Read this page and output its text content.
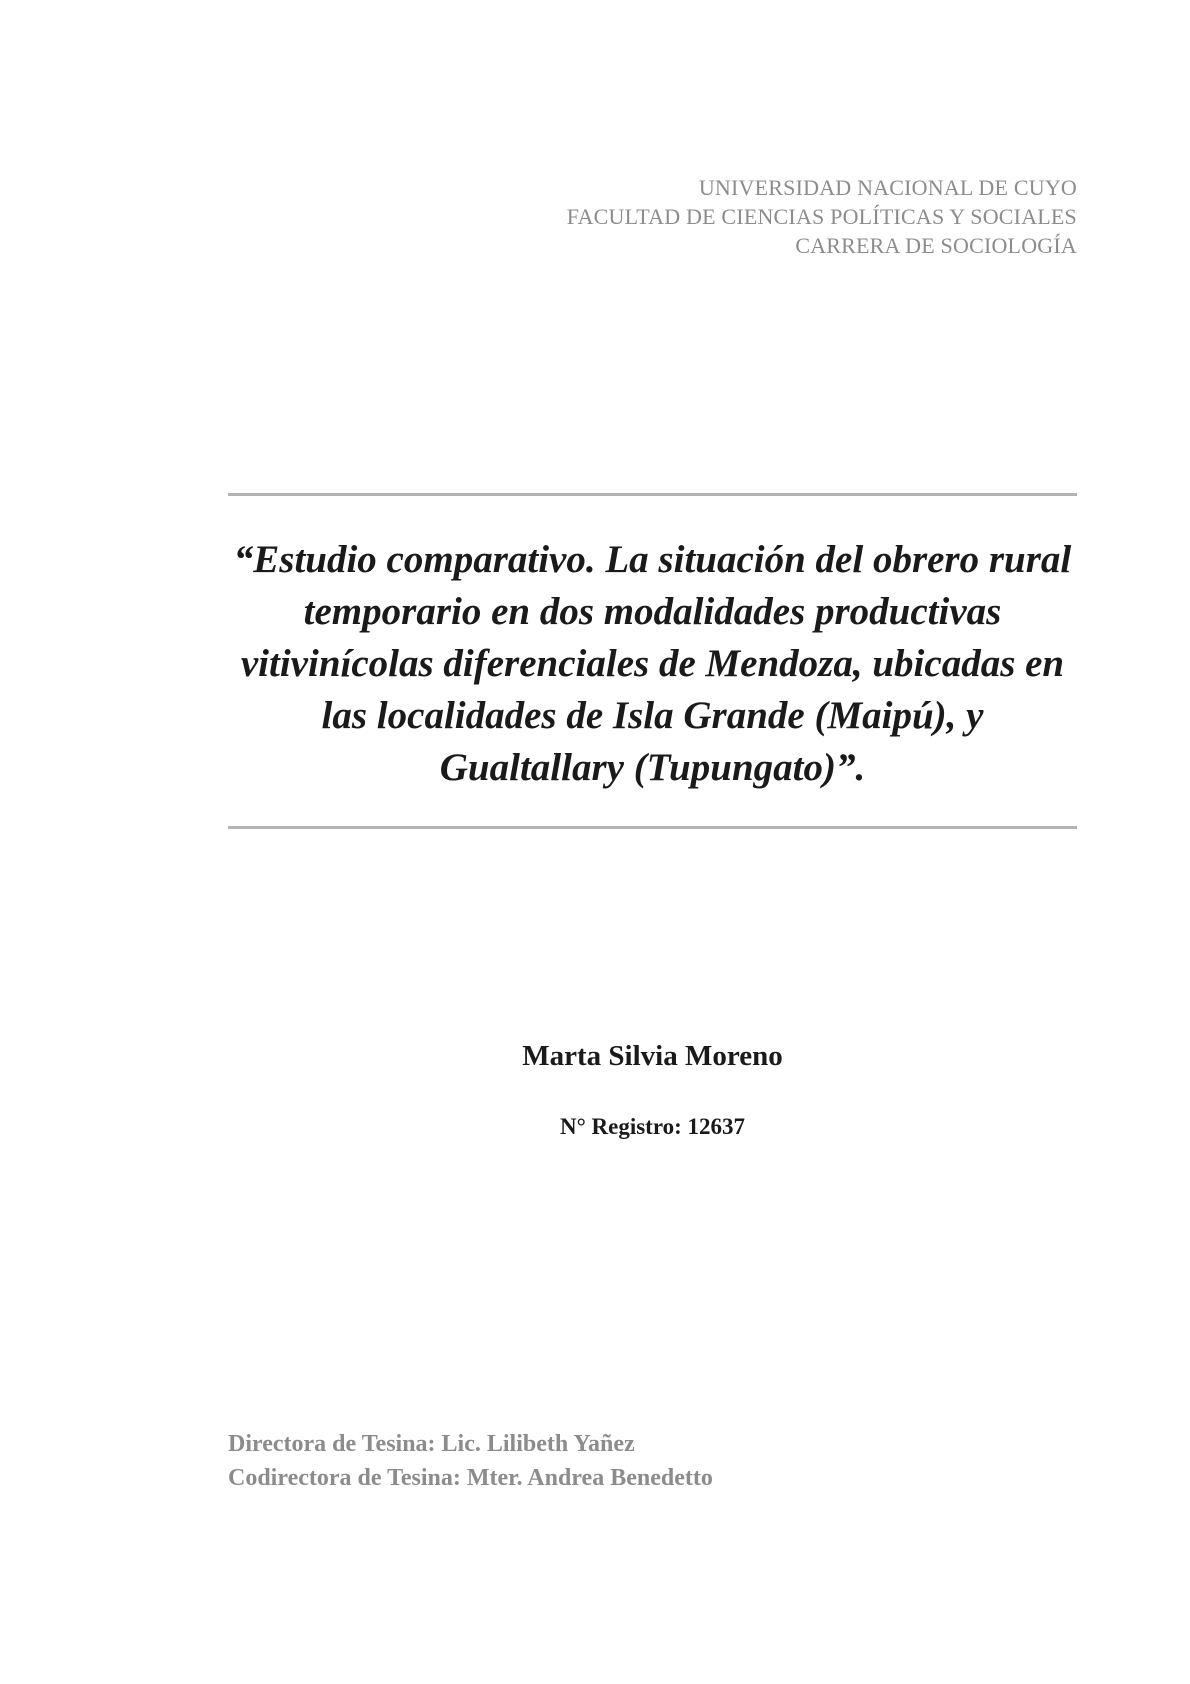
UNIVERSIDAD NACIONAL DE CUYO
FACULTAD DE CIENCIAS POLÍTICAS Y SOCIALES
CARRERA DE SOCIOLOGÍA
“Estudio comparativo. La situación del obrero rural temporario en dos modalidades productivas vitivinícolas diferenciales de Mendoza, ubicadas en las localidades de Isla Grande (Maipú), y Gualtallary (Tupungato)”.
Marta Silvia Moreno
N° Registro: 12637
Directora de Tesina: Lic. Lilibeth Yañez
Codirectora de Tesina: Mter. Andrea Benedetto
